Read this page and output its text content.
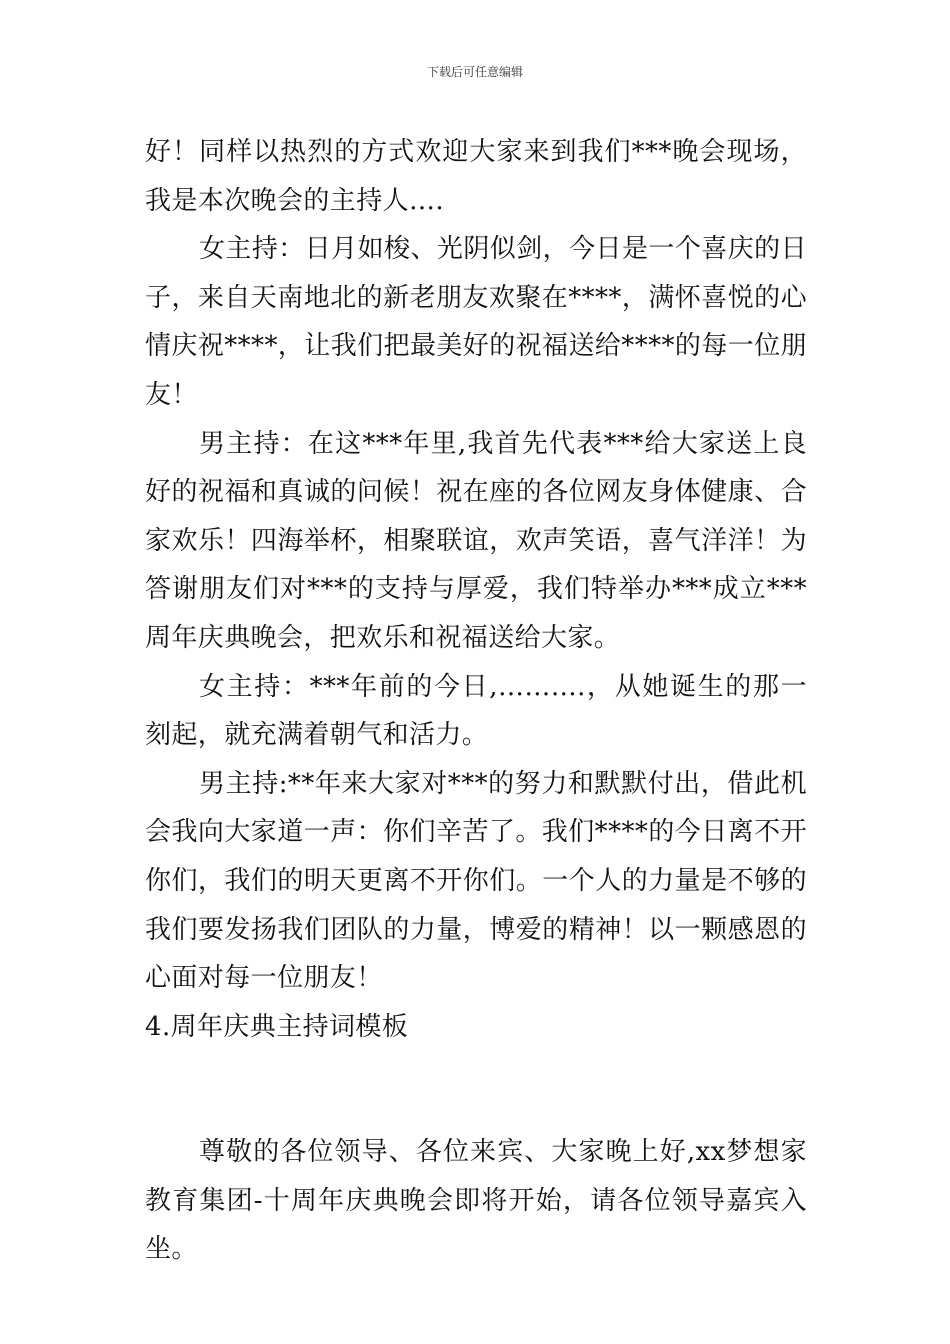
下载后可任意编辑

好！同样以热烈的方式欢迎大家来到我们***晚会现场，我是本次晚会的主持人….

女主持：日月如梭、光阴似剑，今日是一个喜庆的日子，来自天南地北的新老朋友欢聚在****，满怀喜悦的心情庆祝****，让我们把最美好的祝福送给****的每一位朋友！

男主持：在这***年里,我首先代表***给大家送上良好的祝福和真诚的问候！祝在座的各位网友身体健康、合家欢乐！四海举杯，相聚联谊，欢声笑语，喜气洋洋！为答谢朋友们对***的支持与厚爱，我们特举办***成立***周年庆典晚会，把欢乐和祝福送给大家。

女主持：***年前的今日,……….，从她诞生的那一刻起，就充满着朝气和活力。

男主持:**年来大家对***的努力和默默付出，借此机会我向大家道一声：你们辛苦了。我们****的今日离不开你们，我们的明天更离不开你们。一个人的力量是不够的我们要发扬我们团队的力量，博爱的精神！以一颗感恩的心面对每一位朋友！

4.周年庆典主持词模板

尊敬的各位领导、各位来宾、大家晚上好,xx梦想家教育集团-十周年庆典晚会即将开始，请各位领导嘉宾入坐。
